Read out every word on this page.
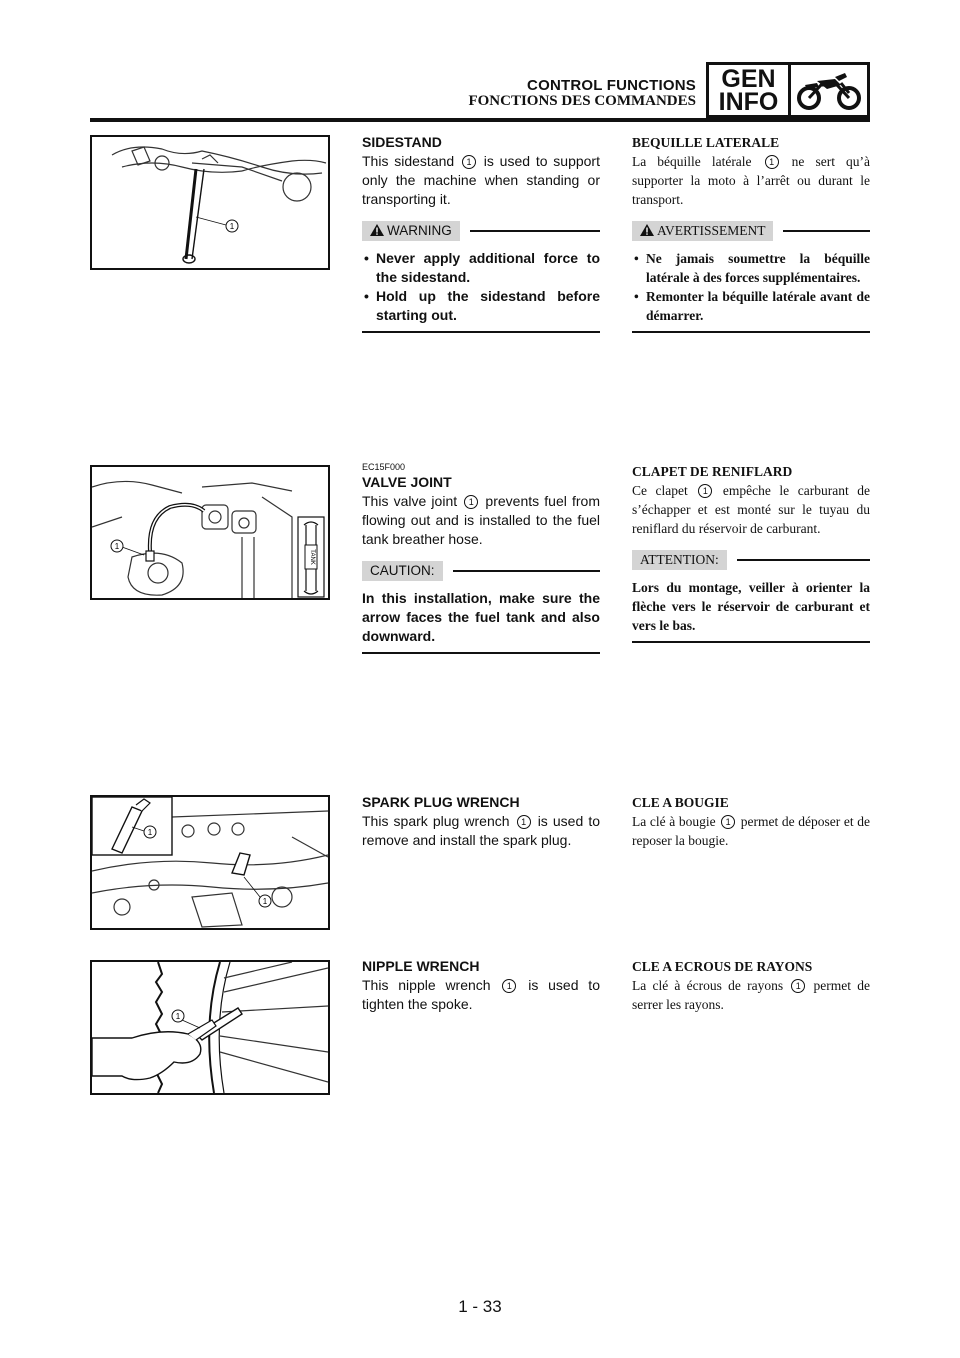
CONTROL FUNCTIONS
FONCTIONS DES COMMANDES
GEN
INFO
1
SIDESTAND

This sidestand 1 is used to support only the machine when standing or transporting it.

WARNING
• Never apply additional force to the sidestand.
• Hold up the sidestand before starting out.
BEQUILLE LATERALE

La béquille latérale 1 ne sert qu’à supporter la moto à l’arrêt ou durant le transport.

AVERTISSEMENT
• Ne jamais soumettre la béquille latérale à des forces supplémentaires.
• Remonter la béquille latérale avant de démarrer.
1
TANK
EC15F000
VALVE JOINT

This valve joint 1 prevents fuel from flowing out and is installed to the fuel tank breather hose.

CAUTION:

In this installation, make sure the arrow faces the fuel tank and also downward.

CLAPET DE RENIFLARD

Ce clapet 1 empêche le carburant de s’échapper et est monté sur le tuyau du reniflard du réservoir de carburant.

ATTENTION:

Lors du montage, veiller à orienter la flèche vers le réservoir de carburant et vers le bas.

1
1
SPARK PLUG WRENCH

This spark plug wrench 1 is used to remove and install the spark plug.

CLE A BOUGIE

La clé à bougie 1 permet de déposer et de reposer la bougie.

1
NIPPLE WRENCH

This nipple wrench 1 is used to tighten the spoke.

CLE A ECROUS DE RAYONS

La clé à écrous de rayons 1 permet de serrer les rayons.

1 - 33
